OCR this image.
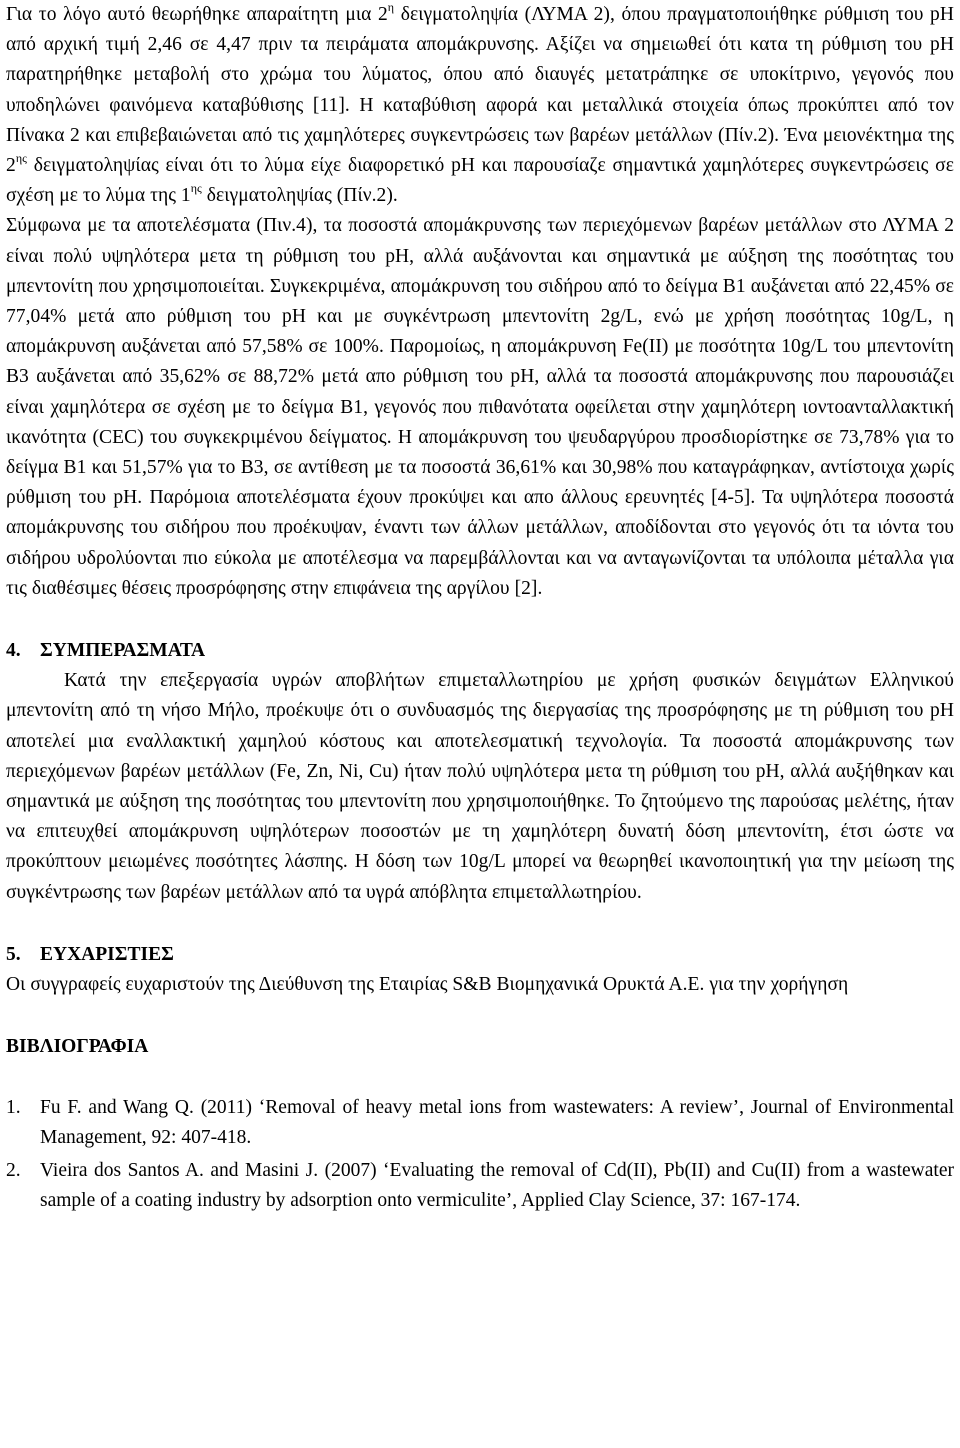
Για το λόγο αυτό θεωρήθηκε απαραίτητη μια $2^\eta$ δειγματοληψία (ΛΥΜΑ 2), όπου πραγματοποιήθηκε ρύθμιση του pH από αρχική τιμή 2,46 σε 4,47 πριν τα πειράματα απομάκρυνσης. Αξίζει να σημειωθεί ότι κατα τη ρύθμιση του pH παρατηρήθηκε μεταβολή στο χρώμα του λύματος, όπου από διαυγές μετατράπηκε σε υποκίτρινο, γεγονός που υποδηλώνει φαινόμενα καταβύθισης [11]. Η καταβύθιση αφορά και μεταλλικά στοιχεία όπως προκύπτει από τον Πίνακα 2 και επιβεβαιώνεται από τις χαμηλότερες συγκεντρώσεις των βαρέων μετάλλων (Πίν.2). Ένα μειονέκτημα της $2^{\eta\varsigma}$ δειγματοληψίας είναι ότι το λύμα είχε διαφορετικό pH και παρουσίαζε σημαντικά χαμηλότερες συγκεντρώσεις σε σχέση με το λύμα της $1^{\eta\varsigma}$ δειγματοληψίας (Πίν.2).

Σύμφωνα με τα αποτελέσματα (Πιν.4), τα ποσοστά απομάκρυνσης των περιεχόμενων βαρέων μετάλλων στο ΛΥΜΑ 2 είναι πολύ υψηλότερα μετα τη ρύθμιση του pH, αλλά αυξάνονται και σημαντικά με αύξηση της ποσότητας του μπεντονίτη που χρησιμοποιείται. Συγκεκριμένα, απομάκρυνση του σιδήρου από το δείγμα Β1 αυξάνεται από 22,45% σε 77,04% μετά απο ρύθμιση του pH και με συγκέντρωση μπεντονίτη 2g/L, ενώ με χρήση ποσότητας 10g/L, η απομάκρυνση αυξάνεται από 57,58% σε 100%. Παρομοίως, η απομάκρυνση Fe(II) με ποσότητα 10g/L του μπεντονίτη Β3 αυξάνεται από 35,62% σε 88,72% μετά απο ρύθμιση του pH, αλλά τα ποσοστά απομάκρυνσης που παρουσιάζει είναι χαμηλότερα σε σχέση με το δείγμα Β1, γεγονός που πιθανότατα οφείλεται στην χαμηλότερη ιοντοανταλλακτική ικανότητα (CEC) του συγκεκριμένου δείγματος. Η απομάκρυνση του ψευδαργύρου προσδιορίστηκε σε 73,78% για το δείγμα Β1 και 51,57% για το Β3, σε αντίθεση με τα ποσοστά 36,61% και 30,98% που καταγράφηκαν, αντίστοιχα χωρίς ρύθμιση του pH. Παρόμοια αποτελέσματα έχουν προκύψει και απο άλλους ερευνητές [4-5]. Τα υψηλότερα ποσοστά απομάκρυνσης του σιδήρου που προέκυψαν, έναντι των άλλων μετάλλων, αποδίδονται στο γεγονός ότι τα ιόντα του σιδήρου υδρολύονται πιο εύκολα με αποτέλεσμα να παρεμβάλλονται και να ανταγωνίζονται τα υπόλοιπα μέταλλα για τις διαθέσιμες θέσεις προσρόφησης στην επιφάνεια της αργίλου [2].

4. ΣΥΜΠΕΡΑΣΜΑΤΑ

Κατά την επεξεργασία υγρών αποβλήτων επιμεταλλωτηρίου με χρήση φυσικών δειγμάτων Ελληνικού μπεντονίτη από τη νήσο Μήλο, προέκυψε ότι ο συνδυασμός της διεργασίας της προσρόφησης με τη ρύθμιση του pH αποτελεί μια εναλλακτική χαμηλού κόστους και αποτελεσματική τεχνολογία. Τα ποσοστά απομάκρυνσης των περιεχόμενων βαρέων μετάλλων (Fe, Zn, Ni, Cu) ήταν πολύ υψηλότερα μετα τη ρύθμιση του pH, αλλά αυξήθηκαν και σημαντικά με αύξηση της ποσότητας του μπεντονίτη που χρησιμοποιήθηκε. Το ζητούμενο της παρούσας μελέτης, ήταν να επιτευχθεί απομάκρυνση υψηλότερων ποσοστών με τη χαμηλότερη δυνατή δόση μπεντονίτη, έτσι ώστε να προκύπτουν μειωμένες ποσότητες λάσπης. Η δόση των 10g/L μπορεί να θεωρηθεί ικανοποιητική για την μείωση της συγκέντρωσης των βαρέων μετάλλων από τα υγρά απόβλητα επιμεταλλωτηρίου.

5. ΕΥΧΑΡΙΣΤΙΕΣ

Οι συγγραφείς ευχαριστούν της Διεύθυνση της Εταιρίας S&B Βιομηχανικά Ορυκτά Α.Ε. για την χορήγηση

ΒΙΒΛΙΟΓΡΑΦΙΑ
1. Fu F. and Wang Q. (2011) ‘Removal of heavy metal ions from wastewaters: A review’, Journal of Environmental Management, 92: 407-418.
2. Vieira dos Santos A. and Masini J. (2007) ‘Evaluating the removal of Cd(II), Pb(II) and Cu(II) from a wastewater sample of a coating industry by adsorption onto vermiculite’, Applied Clay Science, 37: 167-174.
